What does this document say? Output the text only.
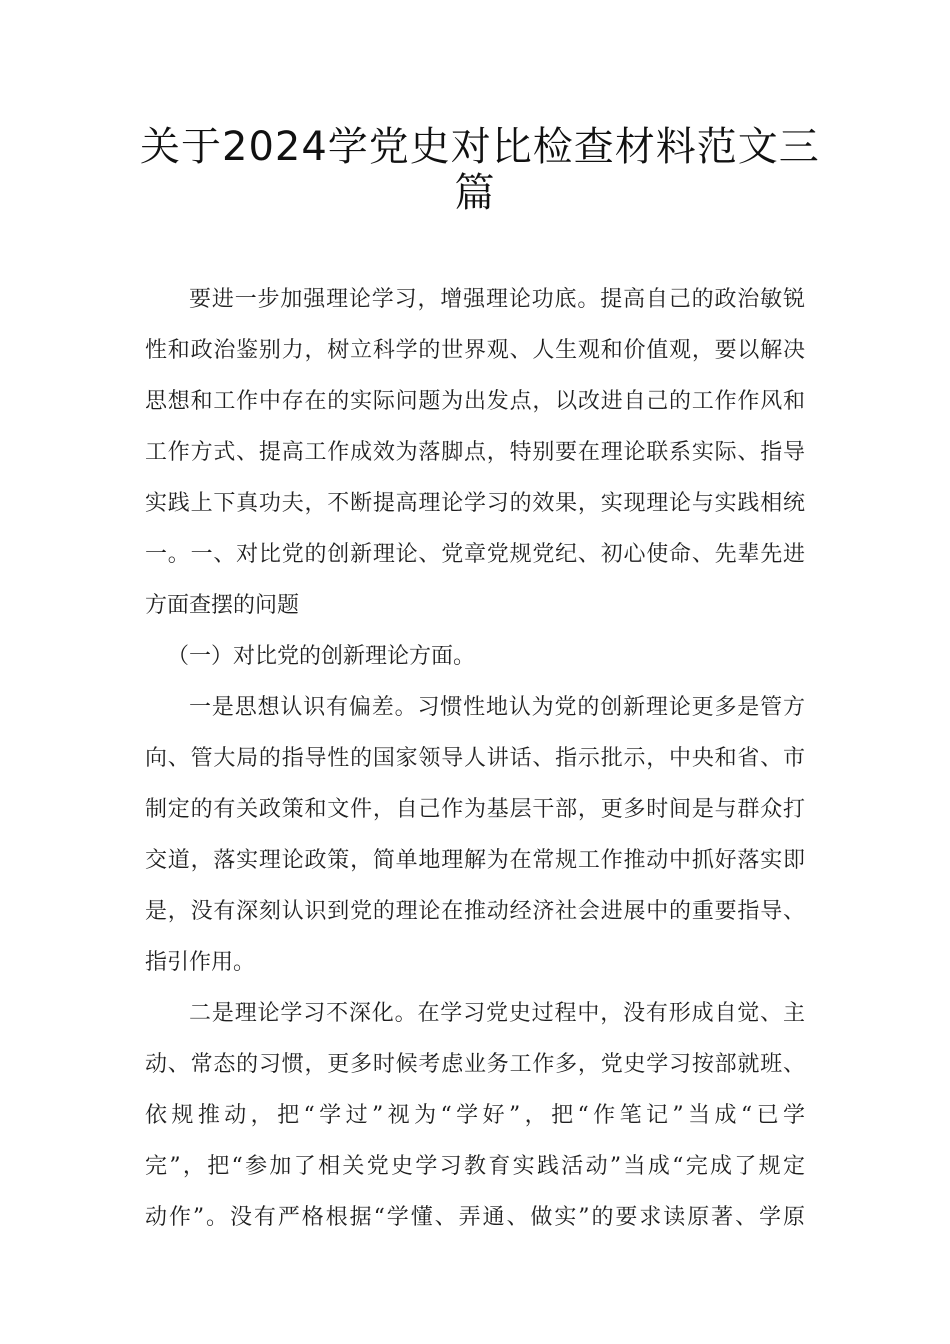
关于2024学党史对比检查材料范文三
篇
要进一步加强理论学习，增强理论功底。提高自己的政治敏锐
性和政治鉴别力，树立科学的世界观、人生观和价值观，要以解决
思想和工作中存在的实际问题为出发点，以改进自己的工作作风和
工作方式、提高工作成效为落脚点，特别要在理论联系实际、指导
实践上下真功夫，不断提高理论学习的效果，实现理论与实践相统
一。一、对比党的创新理论、党章党规党纪、初心使命、先辈先进
方面查摆的问题
（一）对比党的创新理论方面。
一是思想认识有偏差。习惯性地认为党的创新理论更多是管方
向、管大局的指导性的国家领导人讲话、指示批示，中央和省、市
制定的有关政策和文件，自己作为基层干部，更多时间是与群众打
交道，落实理论政策，简单地理解为在常规工作推动中抓好落实即
是，没有深刻认识到党的理论在推动经济社会进展中的重要指导、
指引作用。
二是理论学习不深化。在学习党史过程中，没有形成自觉、主
动、常态的习惯，更多时候考虑业务工作多，党史学习按部就班、
依规推动，把“学过”视为“学好”，把“作笔记”当成“已学
完”，把“参加了相关党史学习教育实践活动”当成“完成了规定
动作”。没有严格根据“学懂、弄通、做实”的要求读原著、学原
